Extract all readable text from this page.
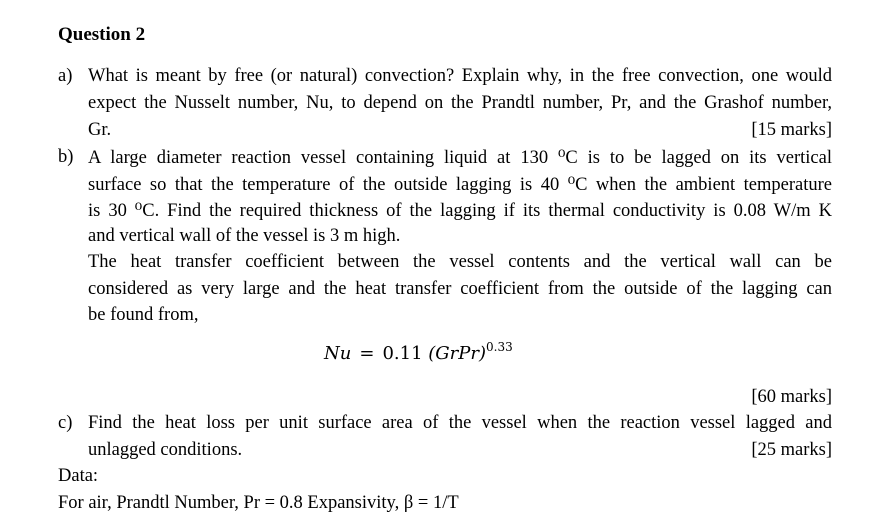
Question 2
a) What is meant by free (or natural) convection? Explain why, in the free convection, one would
expect the Nusselt number, Nu, to depend on the Prandtl number, Pr, and the Grashof number,
Gr.	[15 marks]
b) A large diameter reaction vessel containing liquid at 130 ⁰C is to be lagged on its vertical
surface so that the temperature of the outside lagging is 40 ⁰C when the ambient temperature
is 30 ⁰C. Find the required thickness of the lagging if its thermal conductivity is 0.08 W/m K
and vertical wall of the vessel is 3 m high.
The heat transfer coefficient between the vessel contents and the vertical wall can be
considered as very large and the heat transfer coefficient from the outside of the lagging can
be found from,
Nu = 0.11 (GrPr)$^{0.33}$
[60 marks]
c) Find the heat loss per unit surface area of the vessel when the reaction vessel lagged and
unlagged conditions.	[25 marks]
Data:
For air, Prandtl Number, Pr = 0.8 Expansivity, β = 1/T
